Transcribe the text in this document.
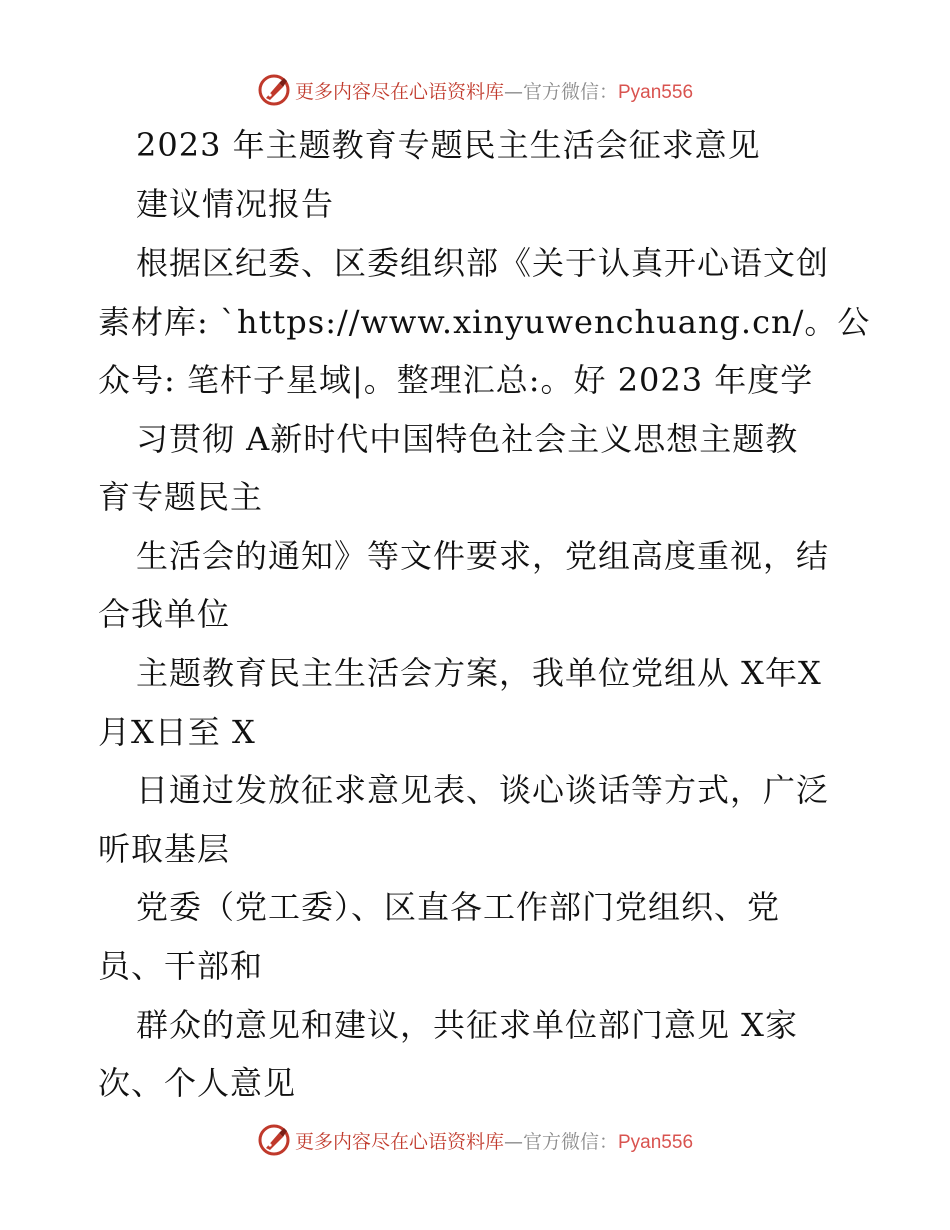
更多内容尽在心语资料库—官方微信：Pyan556
2023 年主题教育专题民主生活会征求意见
建议情况报告
根据区纪委、区委组织部《关于认真开心语文创
素材库: `https://www.xinyuwenchuang.cn/。公
众号: 笔杆子星域|。整理汇总:。好 2023 年度学
习贯彻 A新时代中国特色社会主义思想主题教
育专题民主
生活会的通知》等文件要求，党组高度重视，结
合我单位
主题教育民主生活会方案，我单位党组从 X年X
月X日至 X
日通过发放征求意见表、谈心谈话等方式，广泛
听取基层
党委（党工委）、区直各工作部门党组织、党
员、干部和
群众的意见和建议，共征求单位部门意见 X家
次、个人意见
更多内容尽在心语资料库—官方微信：Pyan556
